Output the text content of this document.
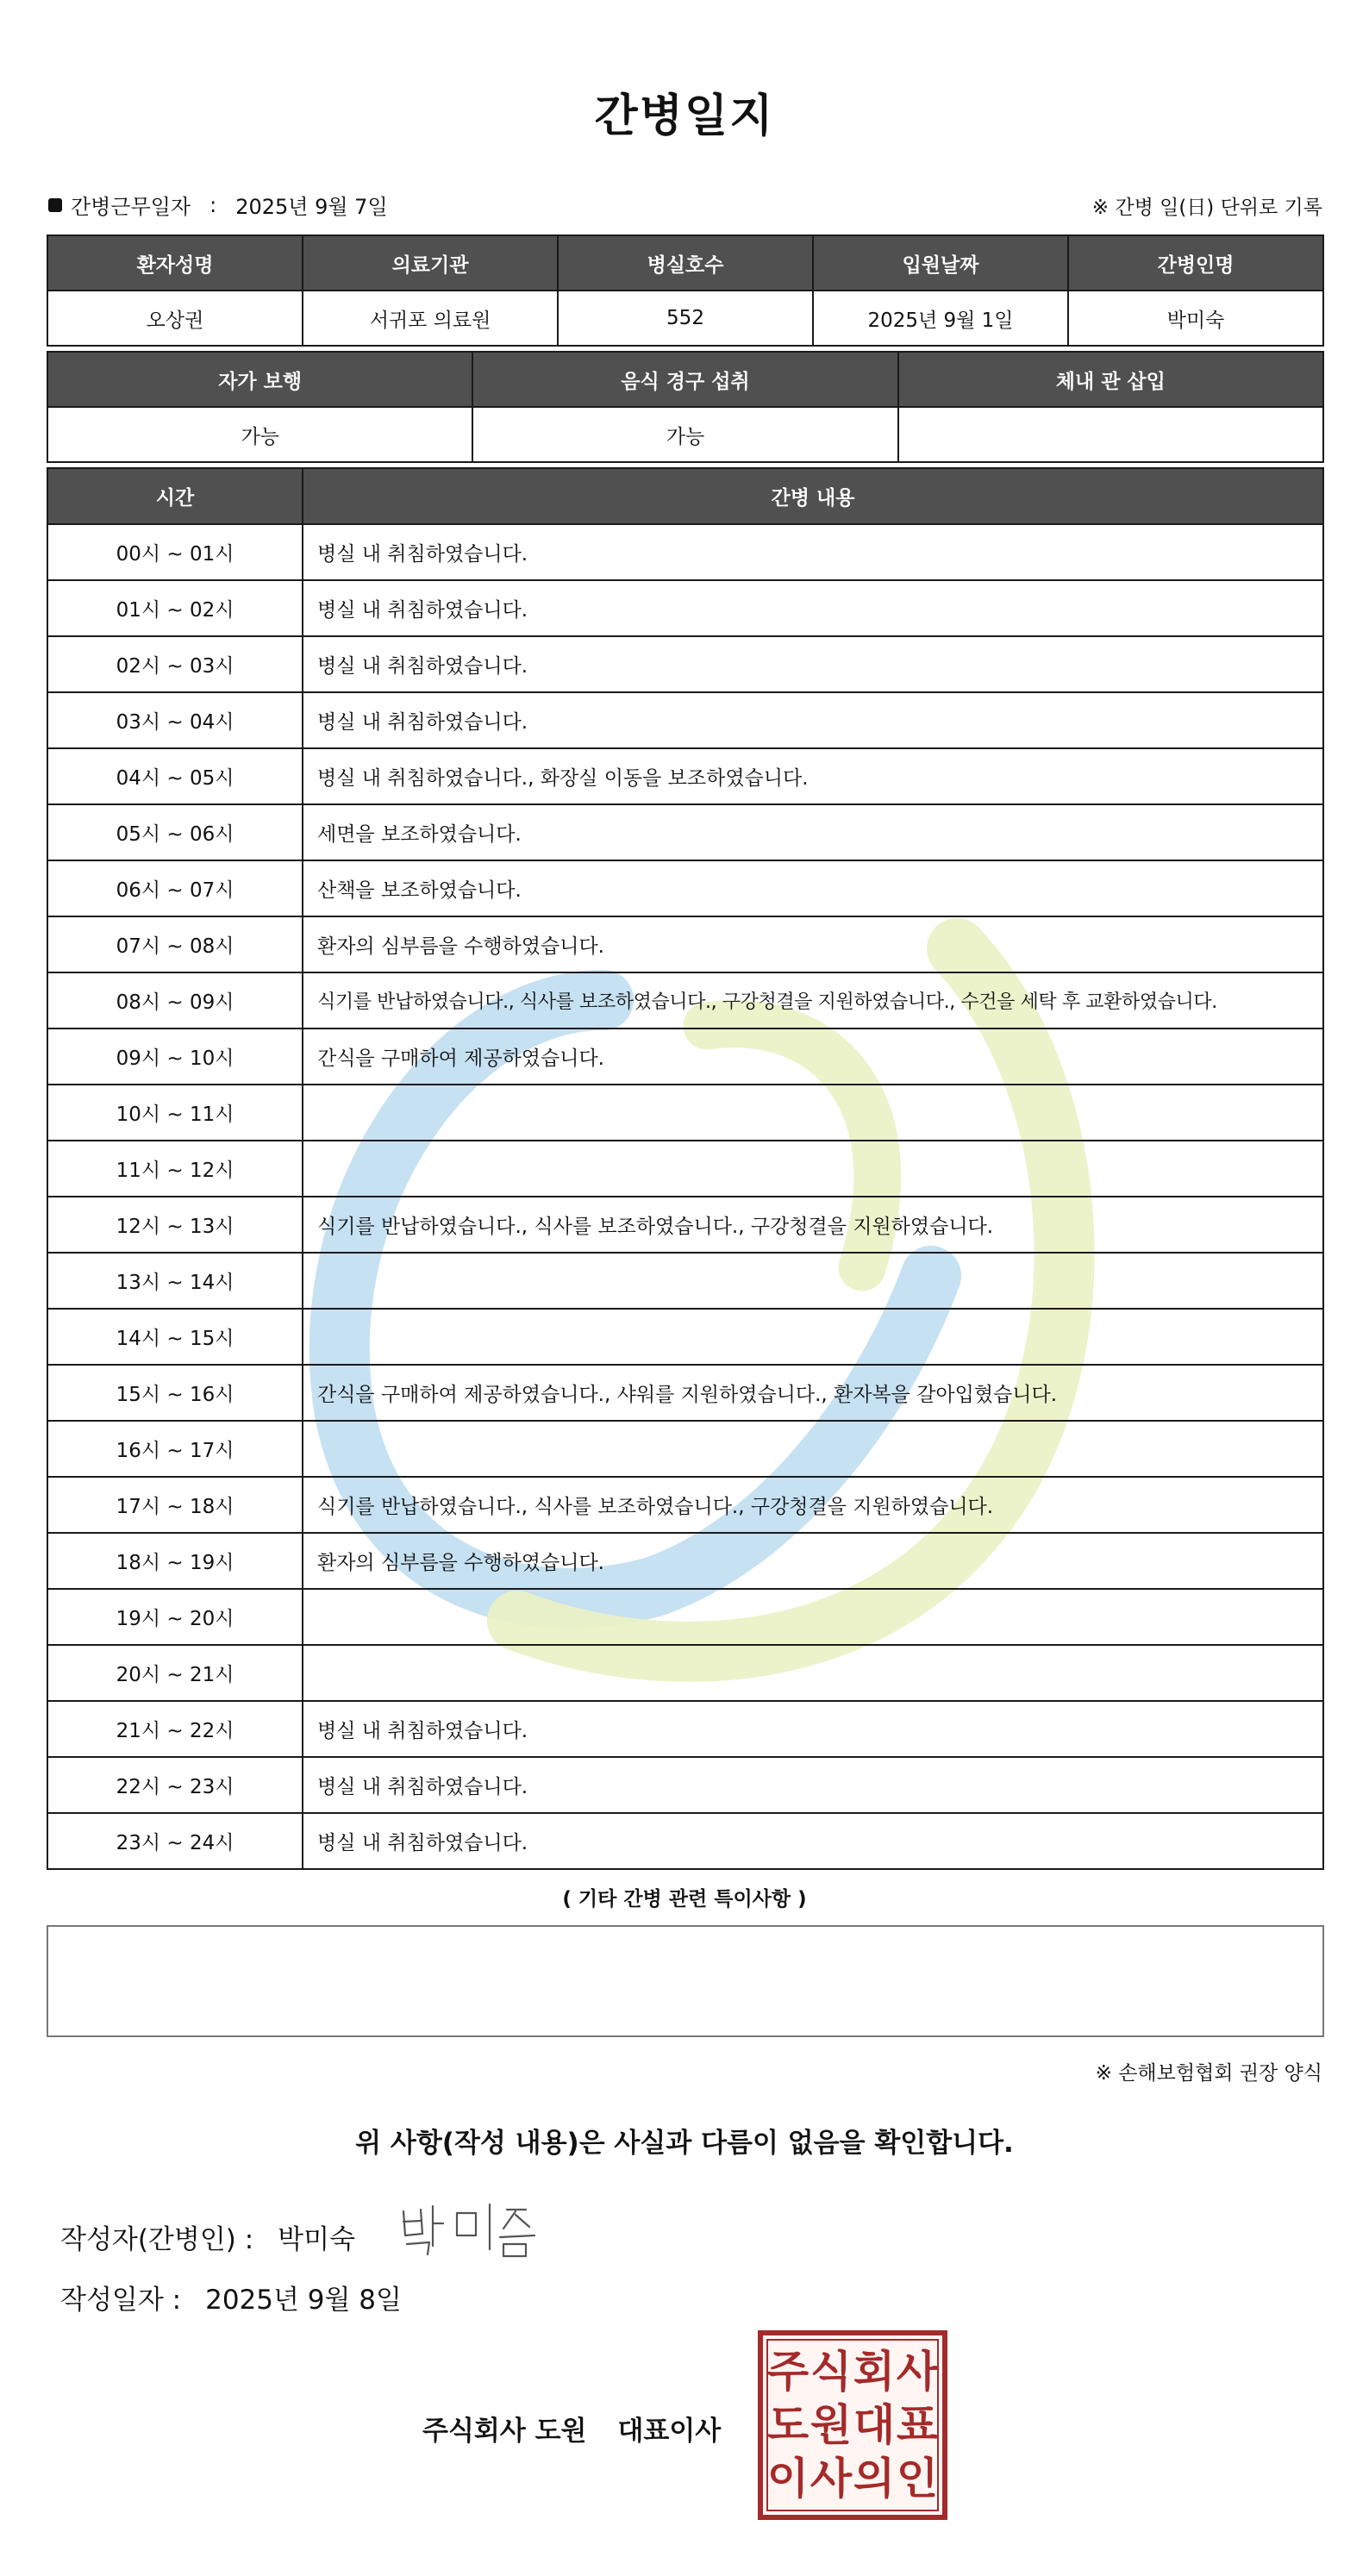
간병일지
간병근무일자 : 2025년 9월 7일	※ 간병 일(日) 단위로 기록
환자성명	의료기관	병실호수	입원날짜	간병인명
오상권	서귀포 의료원	552	2025년 9월 1일	박미숙
자가 보행	음식 경구 섭취	체내 관 삽입
가능	가능	
시간	간병 내용
00시 ~ 01시	병실 내 취침하였습니다.
01시 ~ 02시	병실 내 취침하였습니다.
02시 ~ 03시	병실 내 취침하였습니다.
03시 ~ 04시	병실 내 취침하였습니다.
04시 ~ 05시	병실 내 취침하였습니다., 화장실 이동을 보조하였습니다.
05시 ~ 06시	세면을 보조하였습니다.
06시 ~ 07시	산책을 보조하였습니다.
07시 ~ 08시	환자의 심부름을 수행하였습니다.
08시 ~ 09시	식기를 반납하였습니다., 식사를 보조하였습니다., 구강청결을 지원하였습니다., 수건을 세탁 후 교환하였습니다.
09시 ~ 10시	간식을 구매하여 제공하였습니다.
10시 ~ 11시	
11시 ~ 12시	
12시 ~ 13시	식기를 반납하였습니다., 식사를 보조하였습니다., 구강청결을 지원하였습니다.
13시 ~ 14시	
14시 ~ 15시	
15시 ~ 16시	간식을 구매하여 제공하였습니다., 샤워를 지원하였습니다., 환자복을 갈아입혔습니다.
16시 ~ 17시	
17시 ~ 18시	식기를 반납하였습니다., 식사를 보조하였습니다., 구강청결을 지원하였습니다.
18시 ~ 19시	환자의 심부름을 수행하였습니다.
19시 ~ 20시	
20시 ~ 21시	
21시 ~ 22시	병실 내 취침하였습니다.
22시 ~ 23시	병실 내 취침하였습니다.
23시 ~ 24시	병실 내 취침하였습니다.
( 기타 간병 관련 특이사항 )
※ 손해보험협회 권장 양식
위 사항(작성 내용)은 사실과 다름이 없음을 확인합니다.
작성자(간병인) : 박미숙
작성일자 : 2025년 9월 8일
주식회사 도원 대표이사
주 식 회 사
도 원 대 표
이 사 의 인
